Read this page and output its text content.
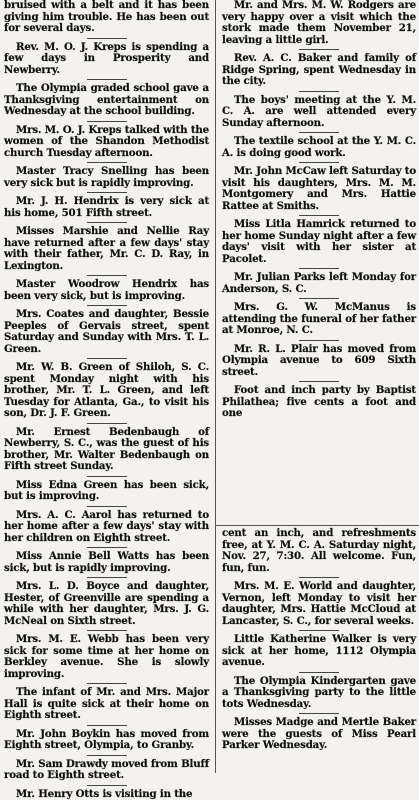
bruised with a belt and it has been giving him trouble. He has been out for several days.

Rev. M. O. J. Kreps is spending a few days in Prosperity and Newberry.

The Olympia graded school gave a Thanksgiving entertainment on Wednesday at the school building.

Mrs. M. O. J. Kreps talked with the women of the Shandon Methodist church Tuesday afternoon.

Master Tracy Snelling has been very sick but is rapidly improving.

Mr. J. H. Hendrix is very sick at his home, 501 Fifth street.

Misses Marshie and Nellie Ray have returned after a few days' stay with their father, Mr. C. D. Ray, in Lexington.

Master Woodrow Hendrix has been very sick, but is improving.

Mrs. Coates and daughter, Bessie Peeples of Gervais street, spent Saturday and Sunday with Mrs. T. L. Green.

Mr. W. B. Green of Shiloh, S. C. spent Monday night with his brother, Mr. T. L. Green, and left Tuesday for Atlanta, Ga., to visit his son, Dr. J. F. Green.

Mr. Ernest Bedenbaugh of Newberry, S. C., was the guest of his brother, Mr. Walter Bedenbaugh on Fifth street Sunday.

Miss Edna Green has been sick, but is improving.

Mrs. A. C. Aarol has returned to her home after a few days' stay with her children on Eighth street.

Miss Annie Bell Watts has been sick, but is rapidly improving.

Mrs. L. D. Boyce and daughter, Hester, of Greenville are spending a while with her daughter, Mrs. J. G. McNeal on Sixth street.

Mrs. M. E. Webb has been very sick for some time at her home on Berkley avenue. She is slowly improving.

The infant of Mr. and Mrs. Major Hall is quite sick at their home on Eighth street.

Mr. John Boykin has moved from Eighth street, Olympia, to Granby.

Mr. Sam Drawdy moved from Bluff road to Eighth street.

Mr. Henry Otts is visiting in the

Mr. and Mrs. M. W. Rodgers are very happy over a visit which the stork made them November 21, leaving a little girl.

Rev. A. C. Baker and family of Ridge Spring, spent Wednesday in the city.

The boys' meeting at the Y. M. C. A. are well attended every Sunday afternoon.

The textile school at the Y. M. C. A. is doing good work.

Mr. John McCaw left Saturday to visit his daughters, Mrs. M. M. Montgomery and Mrs. Hattie Rattee at Smiths.

Miss Litla Hamrick returned to her home Sunday night after a few days' visit with her sister at Pacolet.

Mr. Julian Parks left Monday for Anderson, S. C.

Mrs. G. W. McManus is attending the funeral of her father at Monroe, N. C.

Mr. R. L. Plair has moved from Olympia avenue to 609 Sixth street.

Foot and inch party by Baptist Philathea; five cents a foot and one

cent an inch, and refreshments free, at Y. M. C. A. Saturday night, Nov. 27, 7:30. All welcome. Fun, fun, fun.

Mrs. M. E. World and daughter, Vernon, left Monday to visit her daughter, Mrs. Hattie McCloud at Lancaster, S. C., for several weeks.

Little Katherine Walker is very sick at her home, 1112 Olympia avenue.

The Olympia Kindergarten gave a Thanksgiving party to the little tots Wednesday.

Misses Madge and Mertle Baker were the guests of Miss Pearl Parker Wednesday.
